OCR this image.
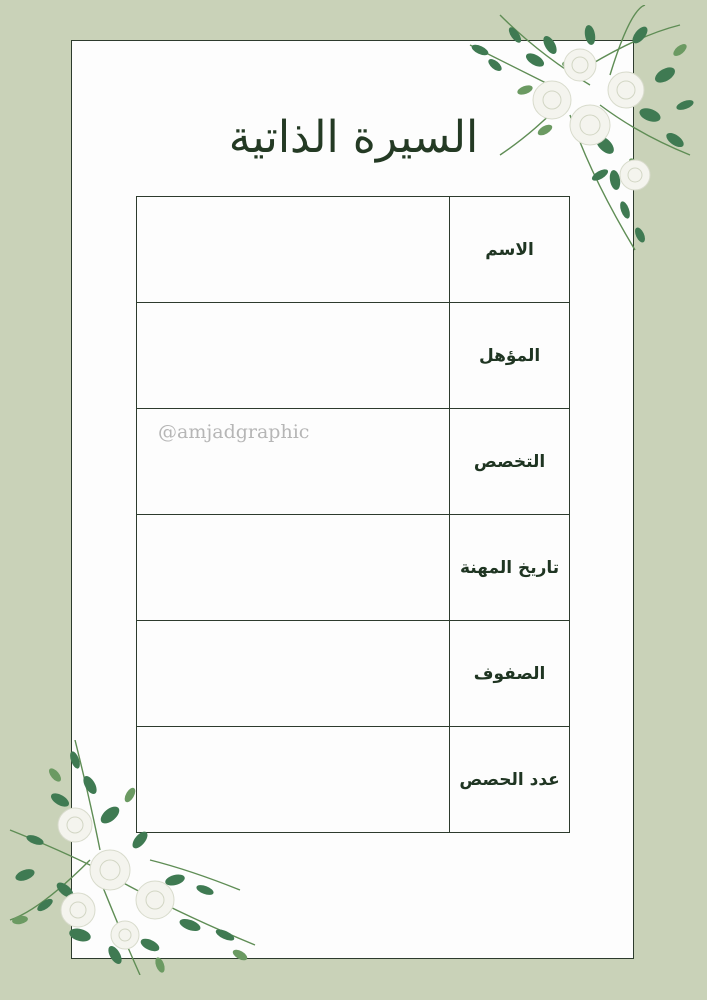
السيرة الذاتية
	الاسم
	المؤهل

@amjadgraphic	التخصص
	تاريخ المهنة
	الصفوف
	عدد الحصص
